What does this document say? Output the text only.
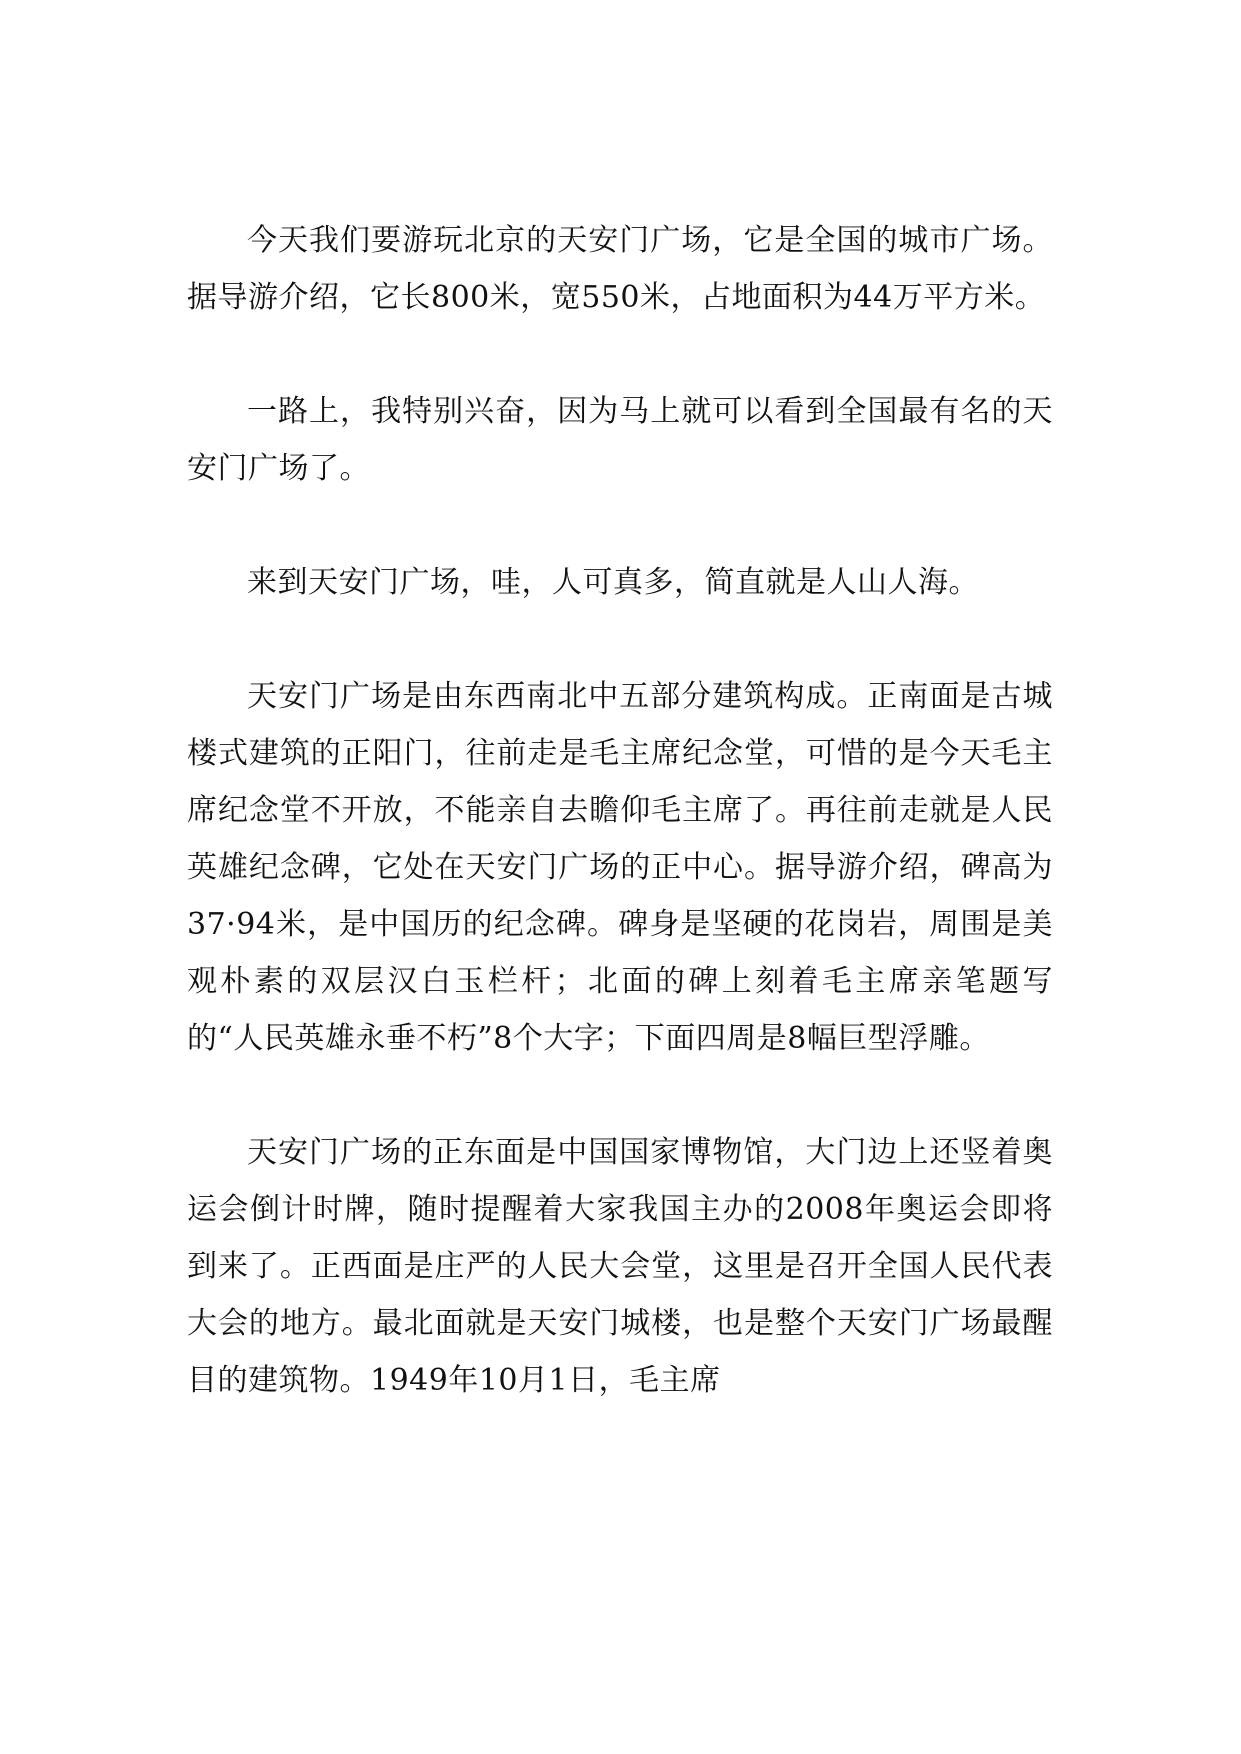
今天我们要游玩北京的天安门广场，它是全国的城市广场。据导游介绍，它长800米，宽550米，占地面积为44万平方米。

一路上，我特别兴奋，因为马上就可以看到全国最有名的天安门广场了。

来到天安门广场，哇，人可真多，简直就是人山人海。

天安门广场是由东西南北中五部分建筑构成。正南面是古城楼式建筑的正阳门，往前走是毛主席纪念堂，可惜的是今天毛主席纪念堂不开放，不能亲自去瞻仰毛主席了。再往前走就是人民英雄纪念碑，它处在天安门广场的正中心。据导游介绍，碑高为37·94米，是中国历的纪念碑。碑身是坚硬的花岗岩，周围是美观朴素的双层汉白玉栏杆；北面的碑上刻着毛主席亲笔题写的“人民英雄永垂不朽”8个大字；下面四周是8幅巨型浮雕。

天安门广场的正东面是中国国家博物馆，大门边上还竖着奥运会倒计时牌，随时提醒着大家我国主办的2008年奥运会即将到来了。正西面是庄严的人民大会堂，这里是召开全国人民代表大会的地方。最北面就是天安门城楼，也是整个天安门广场最醒目的建筑物。1949年10月1日，毛主席
